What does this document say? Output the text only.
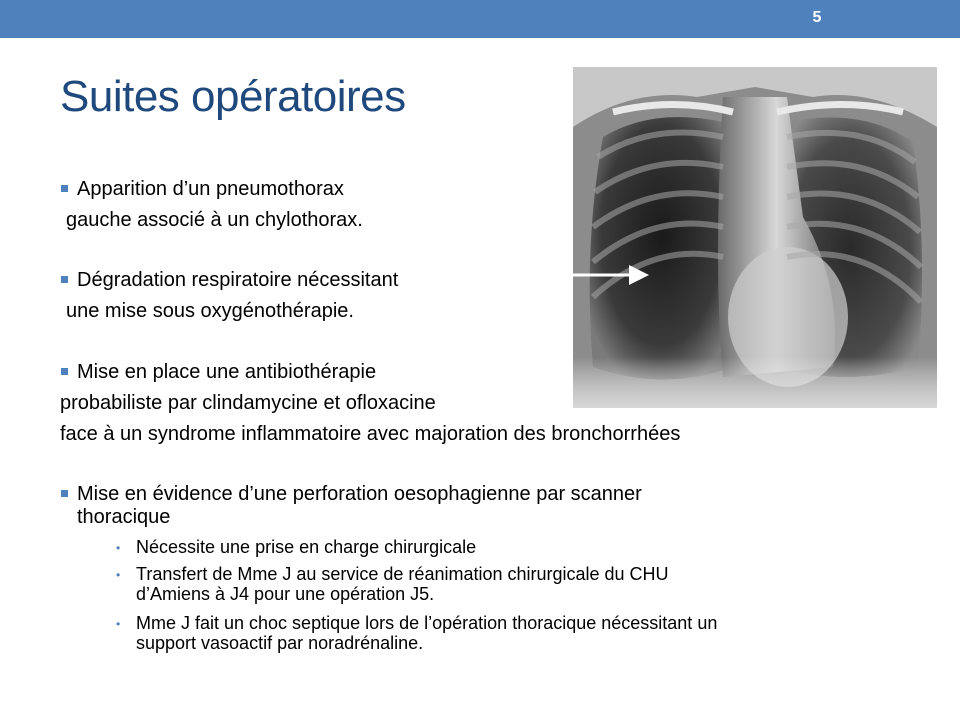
5
Suites opératoires
Apparition d’un pneumothorax
gauche associé à un chylothorax.
Dégradation respiratoire nécessitant
une mise sous oxygénothérapie.
Mise en place une antibiothérapie
probabiliste par clindamycine et ofloxacine
face à un syndrome inflammatoire avec majoration des bronchorrhées
Mise en évidence d’une perforation oesophagienne par scanner
thoracique
• Nécessite une prise en charge chirurgicale
• Transfert de Mme J au service de réanimation chirurgicale du CHU
d’Amiens à J4 pour une opération J5.
• Mme J fait un choc septique lors de l’opération thoracique nécessitant un
support vasoactif par noradrénaline.
